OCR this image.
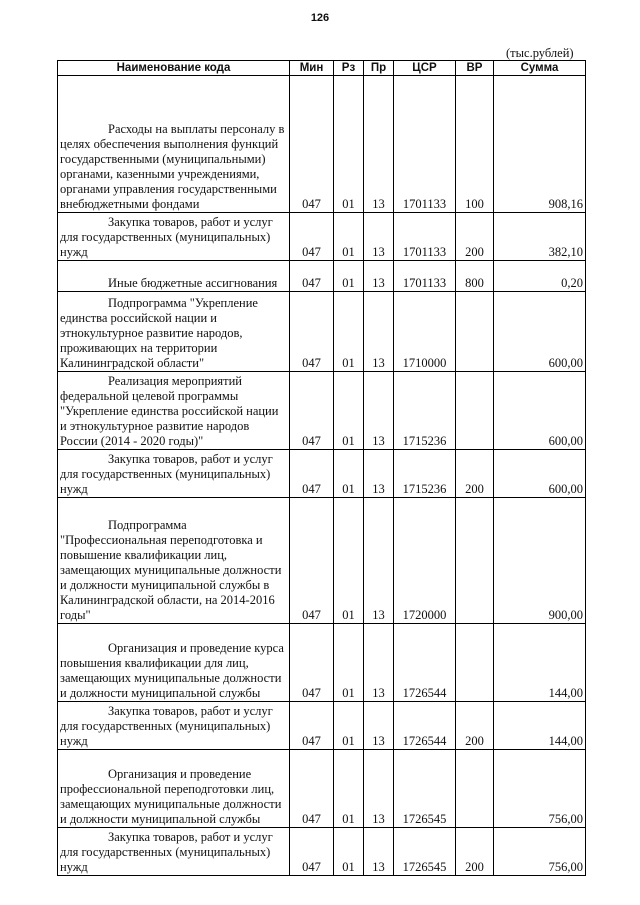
126
(тыс.рублей)
Наименование кода	Мин	Рз	Пр	ЦСР	ВР	Сумма
Расходы на выплаты персоналу в целях обеспечения выполнения функций государственными (муниципальными) органами, казенными учреждениями, органами управления государственными внебюджетными фондами	047	01	13	1701133	100	908,16
Закупка товаров, работ и услуг для государственных (муниципальных) нужд	047	01	13	1701133	200	382,10
Иные бюджетные ассигнования	047	01	13	1701133	800	0,20
Подпрограмма "Укрепление единства российской нации и этнокультурное развитие народов, проживающих на территории Калининградской области"	047	01	13	1710000		600,00
Реализация мероприятий федеральной целевой программы "Укрепление единства российской нации и этнокультурное развитие народов России (2014 - 2020 годы)"	047	01	13	1715236		600,00
Закупка товаров, работ и услуг для государственных (муниципальных) нужд	047	01	13	1715236	200	600,00
Подпрограмма "Профессиональная переподготовка и повышение квалификации лиц, замещающих муниципальные должности и должности муниципальной службы в Калининградской области, на 2014-2016 годы"	047	01	13	1720000		900,00
Организация и проведение курса повышения квалификации для лиц, замещающих муниципальные должности и должности муниципальной службы	047	01	13	1726544		144,00
Закупка товаров, работ и услуг для государственных (муниципальных) нужд	047	01	13	1726544	200	144,00
Организация и проведение профессиональной переподготовки лиц, замещающих муниципальные должности и должности муниципальной службы	047	01	13	1726545		756,00
Закупка товаров, работ и услуг для государственных (муниципальных) нужд	047	01	13	1726545	200	756,00
